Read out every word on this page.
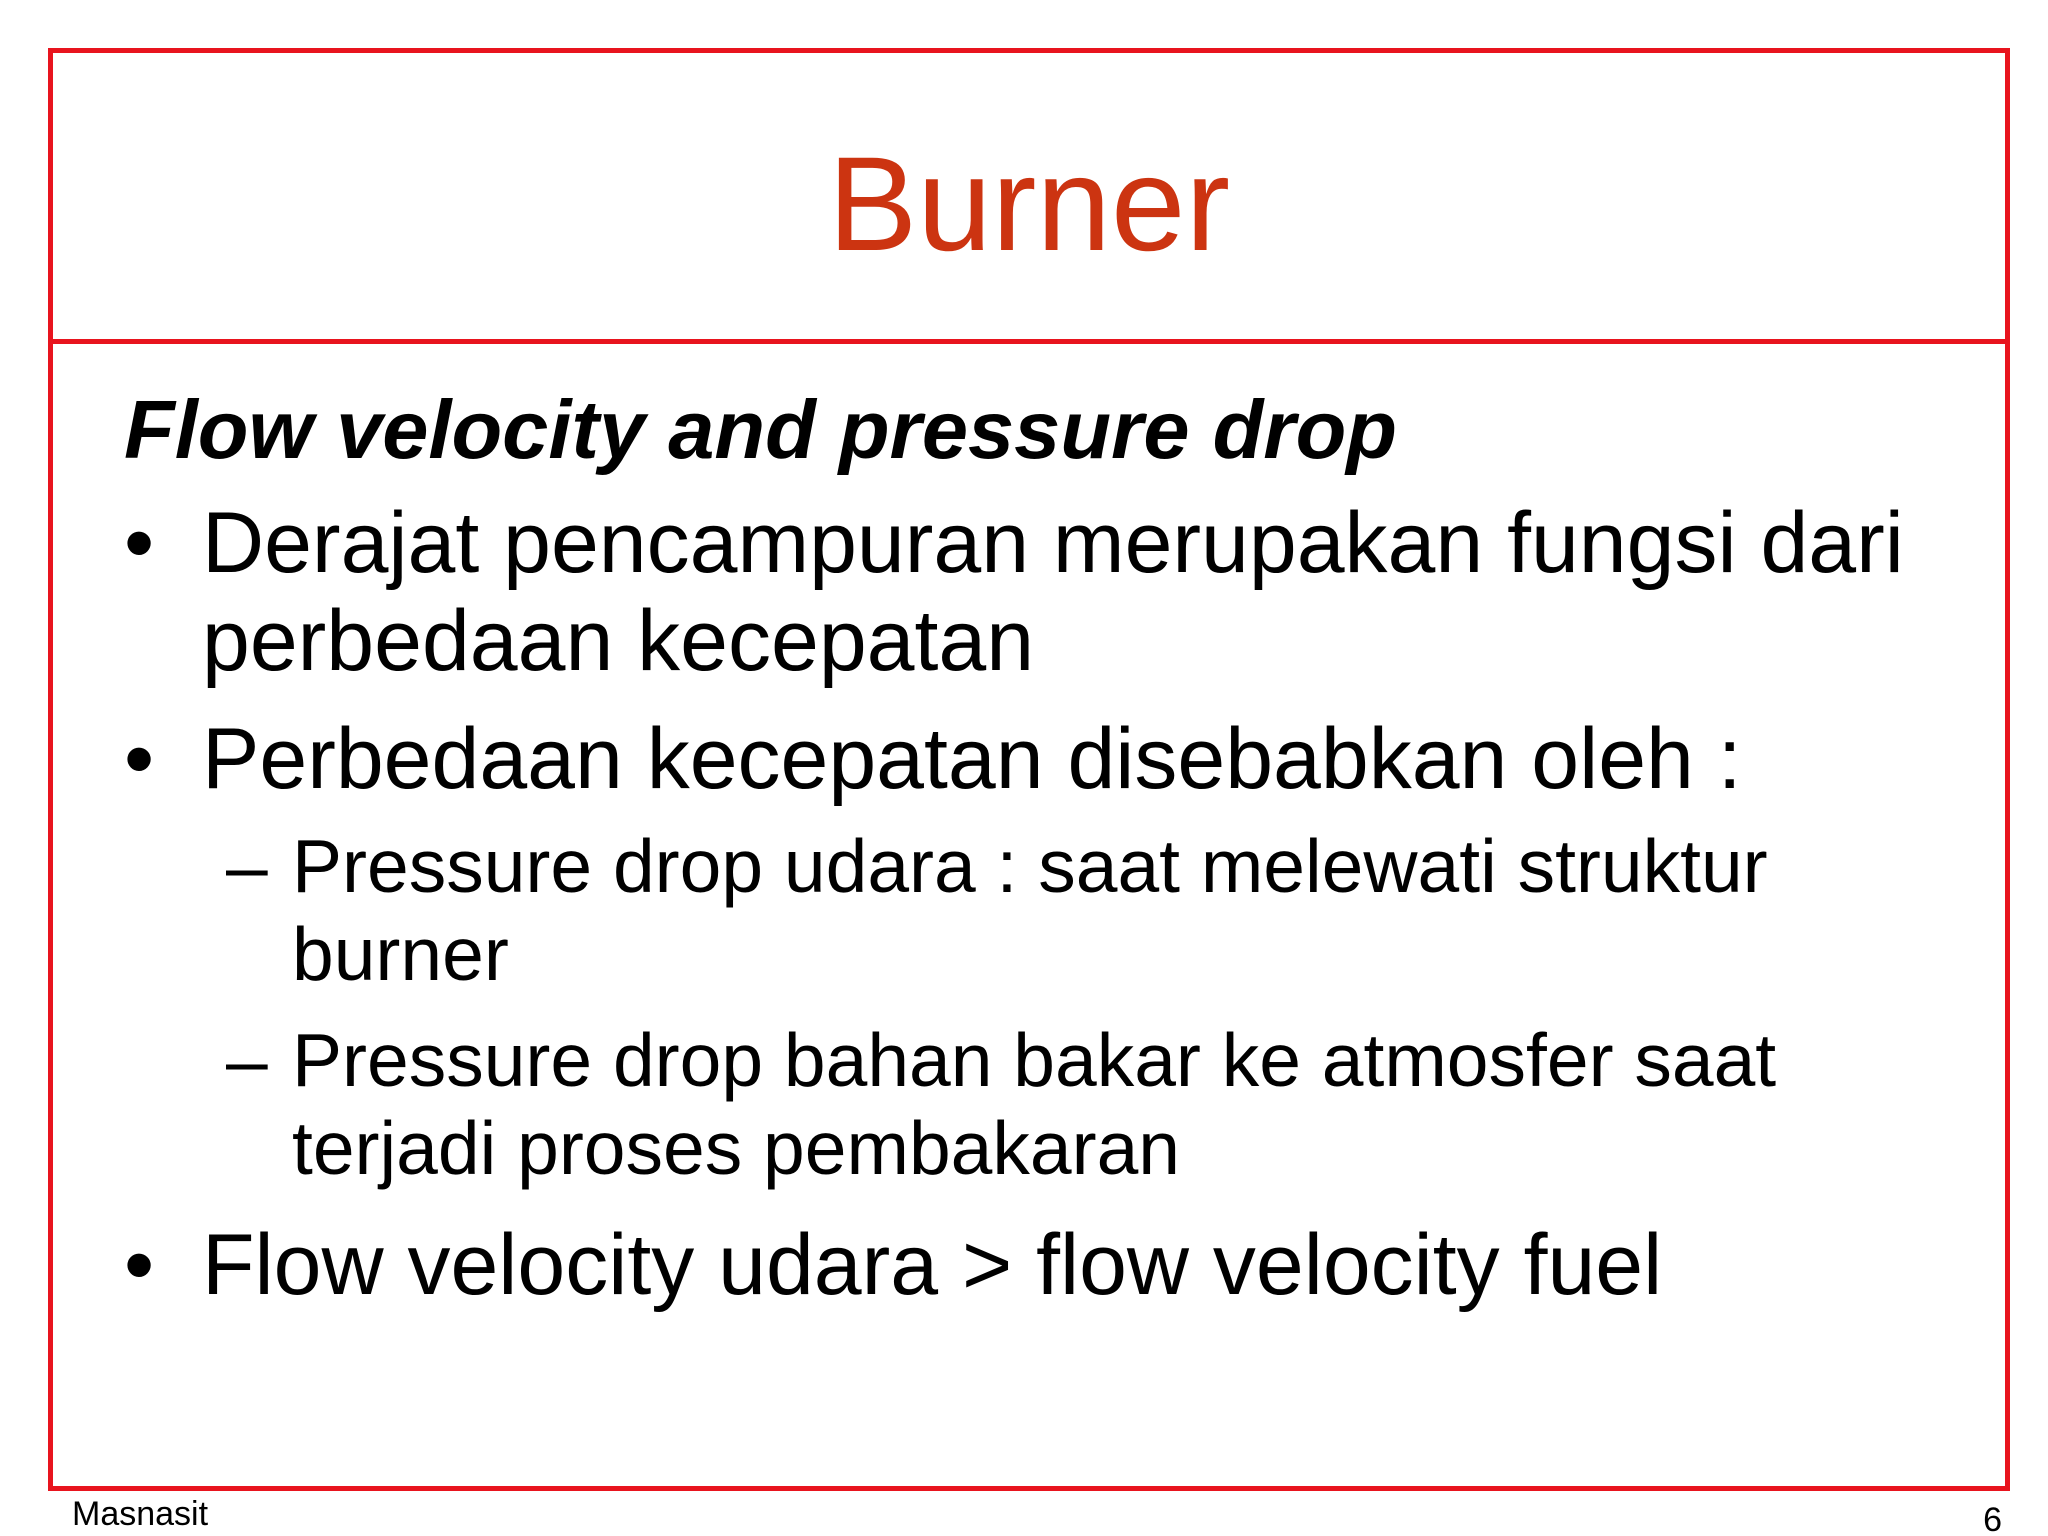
Burner

Flow velocity and pressure drop

• Derajat pencampuran merupakan fungsi dari perbedaan kecepatan
• Perbedaan kecepatan disebabkan oleh :
– Pressure drop udara : saat melewati struktur burner
– Pressure drop bahan bakar ke atmosfer saat terjadi proses pembakaran
• Flow velocity udara > flow velocity fuel
Masnasit	6
